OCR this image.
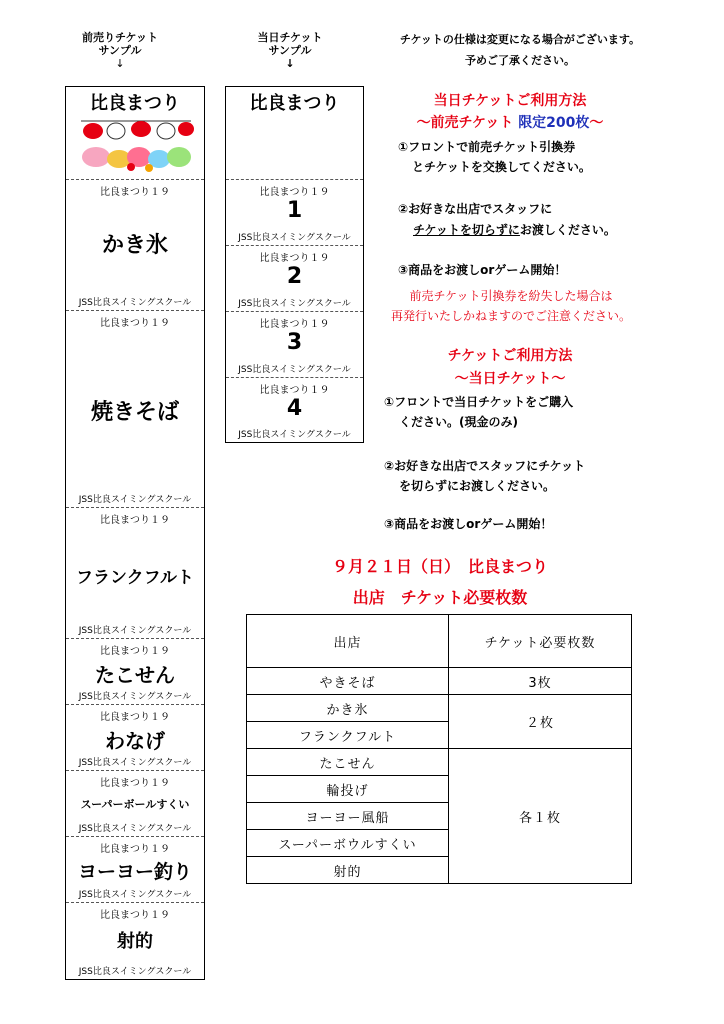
前売りチケット
サンプル
↓
当日チケット
サンプル
↓
チケットの仕様は変更になる場合がございます。
予めご了承ください。
比良まつり
比良まつり１９
かき氷
JSS比良スイミングスクール
比良まつり１９
焼きそば
JSS比良スイミングスクール
比良まつり１９
フランクフルト
JSS比良スイミングスクール
比良まつり１９
たこせん
JSS比良スイミングスクール
比良まつり１９
わなげ
JSS比良スイミングスクール
比良まつり１９
スーパーボールすくい
JSS比良スイミングスクール
比良まつり１９
ヨーヨー釣り
JSS比良スイミングスクール
比良まつり１９
射的
JSS比良スイミングスクール
比良まつり
比良まつり１９
1
JSS比良スイミングスクール
比良まつり１９
2
JSS比良スイミングスクール
比良まつり１９
3
JSS比良スイミングスクール
比良まつり１９
4
JSS比良スイミングスクール
当日チケットご利用方法
～前売チケット 限定200枚～
①フロントで前売チケット引換券
とチケットを交換してください。
②お好きな出店でスタッフに
チケットを切らずにお渡しください。
③商品をお渡しorゲーム開始！
前売チケット引換券を紛失した場合は
再発行いたしかねますのでご注意ください。
チケットご利用方法
～当日チケット～
①フロントで当日チケットをご購入
ください。(現金のみ)
②お好きな出店でスタッフにチケット
を切らずにお渡しください。
③商品をお渡しorゲーム開始！
９月２１日（日）　比良まつり
出店　チケット必要枚数
出店	チケット必要枚数
やきそば	3枚
かき氷	２枚
フランクフルト	
たこせん	各１枚
輪投げ	
ヨーヨー風船	
スーパーボウルすくい	
射的	
